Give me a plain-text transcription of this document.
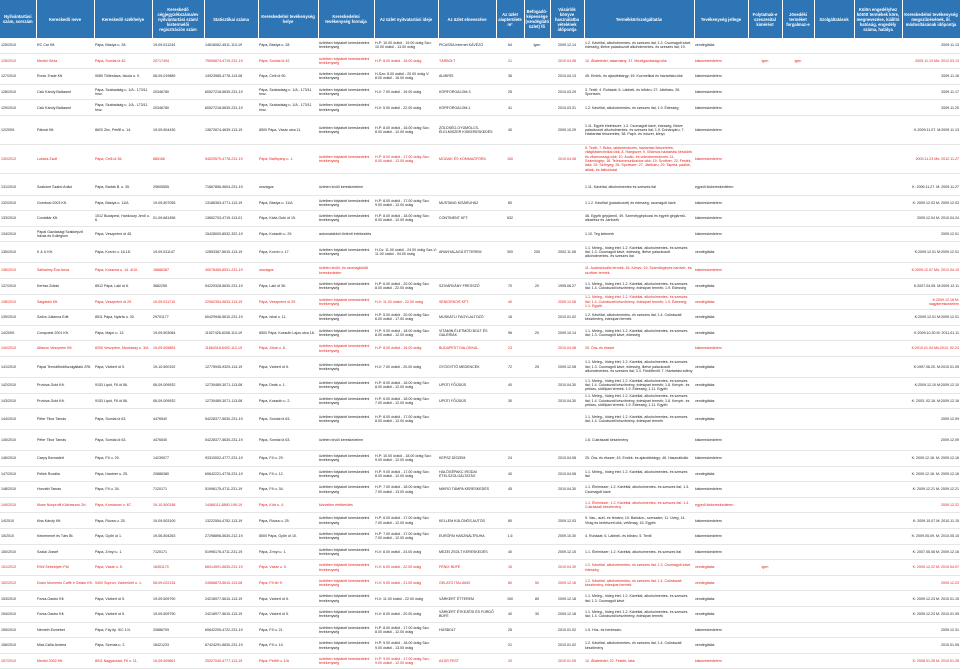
Nyilvántartási szám, sorszám	Kereskedő neve	Kereskedő székhelye	Kereskedő cégjegyzékszáma/ev nyilvántartási szám/ kistermelői regisztrációs szám	Statisztikai száma	Kereskedelmi tevékenység helye	Kereskedelmi tevékenység formája	Az üzlet nyitvatartási ideje	Az üzlet elnevezése	Az üzlet alapterülete m²	Befogadó-képessége (vendéglátó üzlet) fő	Vásárlók könyve használatba vételének időpontja	Termékkör/szolgáltatás	Tevékenység jellege	Folytatnak-e szeszesital kimérést	Jövedéki terméket forgalmaz-e	Szolgáltatások	Külön engedélyhez kötött termékek köre, megnevezése, kiállító hatóság, engedély száma, hatálya	Kereskedelmi tevékenység megszűnésének, ill. módosításának időpontja
125/2010	RC Car Kft.	Pápa, Bástya u. 28.	19-09-511244	14616062-4511-113-19	Pápa, Bástya u. 28.	üzletben folytatott kereskedelmi tevékenység	H-P: 10.00 órától - 19.00 óráig Szo: 10.00 órától - 13.00 óráig	PICASSA Internet KÁVÉZÓ	64	igen	2009.12.14	1.2. Kávéital, alkoholmentes- és szeszes ital; 1.3. Csomagolt kávé, édesség, illetve palackozott alkoholmentes- és szeszes ital; 19.	vendéglátás					2009.11.13
126/2010	Mentsi Géza	Pápa, Somlai út 42.	20717494	75506874-4719-231-19	Pápa, Somlai út 42.	üzletben folytatott kereskedelmi tevékenység	H-P: 8.00 órától - 16.00 óráig	TÁRBOLT	21		2010.04.08	12. Állateledel, takarmány; 37. Mezőgazdasági cikk	kiskereskedelem	igen	igen			2009.11.13 Mó: 2012.03.13
127/2010	Ronix-Trade Kft.	9080 Töltéstava, Iskola u. 9.	08-09-019889	14923985-4778-113-08	Pápa, Celli út 90.	üzletben folytatott kereskedelmi tevékenység	H-Szo: 8.00 órától - 20.00 óráig V: 8.00 órától - 16.00 óráig	ALMIRÍS	36		2010.04.13	45. Emlék- és ajándéktárgy; 45. Kozmetikai és háztartási cikk	kiskereskedelem					2009.11.16
128/2010	Csík Károly Balázsné	Pápa, Szabadság u. 1/A - 173/11 hrsz.	20346780	60527218-5630-231-19	Pápa, Szabadság u. 1/A - 173/11 hrsz.	üzletben folytatott kereskedelmi tevékenység	H-V: 7.00 órától - 19.00 óráig	KÖRFORGALOM-3	25		2010.03.29	3. Textil; 4. Ruházat; 6. Lábbeli- és bőráru; 27. Játékáru; 26. Sportszer,	kiskereskedelem					2009.11.17
129/2010	Csík Károly Balázsné	Pápa, Szabadság u. 1/A - 173/11 hrsz.	20346780	60527218-5630-231-19	Pápa, Szabadság u. 1/A - 173/11 hrsz.	üzletben folytatott kereskedelmi tevékenység	H-V: 5.00 órától - 22.00 óráig	KÖRFORGALOM-1	41		2010.03.31	1.2. Kávéital, alkoholmentes- és szeszes ital; 1.9. Édesség	kiskereskedelem					2009.11.20
12/2009.	Pálmai Kft.	8620 Zirc, Petőfi u. 14.	19-09-504430	13672874-4639-113-19	8500 Pápa, Vásár utca 11.	üzletben folytatott kereskedelmi tevékenység	H-P: 8.00 órától - 16.00 óráig Szo: 8.00 órától - 12.00 óráig	ZÖLDSÉG-GYÜMÖLCS-ÉLELMISZER KISKERESKEDÉS	40		2009.10.29	1.11. Egyéb élelmiszer; 1.3. Csomagolt kávé, édesség, illetve palackozott alkoholmentes- és szeszes ital; 1.9. Dohányáru; 7. Háztartási felszerelés; 38. Papír- és írószer, könyv	kiskereskedelem					K:2009.11.07. M:2009.11.13
130/2010	Lukács Zsolt	Pápa, Celli út 35.	885166	54529579-4778-231-19	Pápa, Batthyány u. 1.	üzletben folytatott kereskedelmi tevékenység	H-P: 8.00 órától - 17.00 óráig Szo: 8.00 órától - 12.00 óráig	MOZAIK ÉS KOMMAGFÖRD	150		2010.04.08	5. Textil; 7. Bútor, lakberendezés, háztartási felszerelés; világítástechnikai cikk; 8. Hangszer; 9. Villamos háztartási készülék és villamossági cikk; 10. Audió- és videoberendezés; 11. Számítógép; 16. Telekommunikációs cikk; 19. Szoftver; 22. Festék, lakk; 25. Szőnyeg; 26. Sportszer; 27. Játékáru; 29. Tapéta, padlók, ablak- és falburkolat	kiskereskedelem					2009.11.23 Mó: 2012.11.27

131/2010	Szabóné Szabó Anikó	Pápa, Barták B. u. 30.	29605555	71667856-9604-231-19	országos	üzleten kívüli kereskedelem						1.11. Kávéital, alkoholmentes és szeszes ital	egyedi kiskereskedelem					K: 2009.11.27. M: 2009.11.27
132/2010	Gombosi 2003 Kft.	Pápa, Bástya u. 11/A	19-09-507055	13186363-4771-113-19	Pápa, Bástya u. 11/A	üzletben folytatott kereskedelmi tevékenység	H-P: 8.00 órától - 17.00 óráig Szo: 9.00 órától - 12.00 óráig	MUSTANG KISÁRUHÁZ	80			1.1.2. Kávéital (palackozott) és édesség, csomagolt kávé	kiskereskedelem					K: 2009.12.03 M: 2009.12.03
133/2010	Combitár Kft.	1012 Budapest, Hankóczy Jenő u. 6.	01-09-681456	13652703-4719-113-01	Pápa, Kálvi-Gubi út 15.	üzletben folytatott kereskedelmi tevékenység	H-P: 8.00 órától - 18.00 óráig Szo: 8.00 órától - 12.00 óráig	CONTINENT KFT.	632			48. Egyéb gépjármű, 49. Személygépkocsi és egyéb gépjármű-alkatrész és -tartozék	kiskereskedelem					2009.12.04 M: 2010.04.24
134/2010	Pápai Gazdasági Szakképző Iskola és Kollégium	Pápa, Veszprémi út 45.		15428000-8532-322-19	Pápa, Kossuth u. 29.	automatákból történő értékesítés						1.10. Teg kelemek	kiskereskedelem					2009.12.01
135/2010	K & U Kft.	Pápa, Korvin u. 16-18.	19-09-511147	12853367-5610-113-19	Pápa, Korvin u. 17.	üzletben folytatott kereskedelmi tevékenység	H-Cs: 11.00 órától - 24.00 óráig Szo-V: 11.00 órától - 04.00 óráig	ARANYALAGÚ ÉTTEREM	300	200	2002.11.08	1.1. Meleg-, hideg étel; 1.2. Kávéital, alkoholmentes- és szeszes ital; 1.3. Csomagolt kávé, édesség, illetve palackozott alkoholmentes- és szeszes ital	vendéglátás					K:2009.12.01 M:2009.12.01
136/2010	Sallóalmy Éva Anna	Pápa, Kossova u. 14. 4/10.	18886387	40078469-8531-231-19	országos	üzleten kívüli- és csomagküldő kereskedelem						11. Audiovizuális termék; 16. Könyv; 19. Számítógépes hardver- és szoftver termék	kiskereskedelem					K:2009.12.07 Mó: 2012.04.10
137/2010	Kerbsz Zoltán	8512 Pápa, Laki út 6.	3682255	54229328-5630-231-19	Pápa, Laki út 36.	üzletben folytatott kereskedelmi tevékenység	H-P: 6.00 órától - 20.00 óráig Szo: 8.00 órától - 22.00 óráig	SZIVÁRVÁNY FRESSZÓ	70	20	1995.06.27	1.1. Meleg-, hideg étel; 1.2. Kávéital, alkoholmentes- és szeszes ital; 1.4. Cukrászati készítmény, édesipari termék; 1.9. Édesség	vendéglátás					K:2007.04.05. M:2009.12.11
138/2010	Salgaldói Kft.	Pápa, Veszprémi út 29.	19-09-511710	22062354-9633-113-19	Pápa, Veszprémi út 29.	üzletben folytatott kereskedelmi tevékenység	H-V: 11.00 órától - 22.00 óráig	SENIORKOR KFT.	40		2009.12.08	1.1. Meleg-, hideg étel; 1.2. Kávéital, alkoholmentes- és szeszes ital; 1.4. Cukrászati készítmény, édesipari termék; 1.9. Édesség; 1.1. Egyéb	vendéglátás					K:2009.12.16 M: nagykereskedelem
139/2010	Szűcs Julianna Edit	8511 Pápa, Nyárfa u. 30.	29701177	60429946-5610-231-19	Pápa, Iskai u. 11.	üzletben folytatott kereskedelmi tevékenység	H-P: 5.00 órától - 20.00 óráig Szo: 6.00 órától - 17.00 óráig	MUSKÁTLI FAGYLALTOZÓ	16		2010.01.02	1.2. Kávéital, alkoholmentes- és szeszes ital; 1.4. Cukrászati készítmény, édesipari termék	vendéglátás					K:2009.12.01 M:2009.12.01
14/2009.	Compuest 2001 Kft.	Pápa, Major u. 13.	19-09-503084	11527426-6208-113-19	8500 Pápa, Kossuth Lajos utca 18.	üzletben folytatott kereskedelmi tevékenység	H-P: 9.00 órától - 18.00 óráig Szo: 8.00 órától - 12.00 óráig	VITAMIN ÉLETMÓD BOLT ÉS GALÉRIÁK	96	20	2009.10.14	1.1. Meleg-, hideg étel; 1.2. Kávéital, alkoholmentes- és szeszes ital; 1.3. Csomagolt kávé, édesség	vendéglátás					K:2009.10.30 M: 2011.01.11
140/2010	Alfanon Veszprém Kft.	8200 Veszprém, Munkácsy u. 3/A	19-09-505853	11684318-6492-113-19	Pápa, Jókai u. 8.	üzletben folytatott kereskedelmi tevékenység	H-P: 8.00 órától - 16.00 óráig	BUDAPEST DALOKKAL	23		2010.04.08	25. Óra- és ékszer	kiskereskedelem					K:2010.01.04 Mó:2012. 02.24
141/2010	Pápai Termálfürdőszolgáltató ZRt.	Pápa, Várkert út 5.	19-10-500192	12775945-9329-114-19	Pápa, Várkert út 5.	üzletben folytatott kereskedelmi tevékenység	H-V: 7.00 órától - 20.00 óráig	GYÓGYÍTÓ MEDENCÉK	72	25	2009.12.08	1.1. Meleg-, hideg étel; 1.2. Kávéital, alkoholmentes- és szeszes ital; 1.3. Csomagolt kávé, édesség, illetve palackozott alkoholmentes- és szeszes ital; 3.4. Fürdőtextil; 7. Háztartási edény	vendéglátás					K:1997.06.20. M:2010.01.05
142/2010	Protova-Gold Kft.	9153 Lipót, Fő út 56.	08-09-009932	12730489-3071-113-08	Pápa, Deák u. 1.	üzletben folytatott kereskedelmi tevékenység	H-P: 8.00 órától - 16.00 óráig Szo: 8.00 órától - 12.00 óráig	UPOTI FŐÚDÚS	40		2010.04.30	1.1. Meleg-, hideg étel; 1.2. Kávéital, alkoholmentes- és szeszes ital; 1.4. Cukrászati készítmény, édesipari termék; 1.8. Kenyér- és pékáru, sütőipari termék; 1.9. Édesség; 1.11. Egyéb	vendéglátás					K:2009.12.10 M:2009.12.10
143/2010	Protova-Gold Kft.	9153 Lipót, Fő út 56.	08-09-009932	12730489-3071-113-08	Pápa, Kossuth u. 2.	üzletben folytatott kereskedelmi tevékenység	H-P: 6.00 órától - 18.00 óráig Szo: 7.00 órától - 12.00 óráig	UPOTI FŐÚDÚS	30		2010.04.30	1.1. Meleg-, hideg étel; 1.2. Kávéital, alkoholmentes- és szeszes ital; 1.4. Cukrászati készítmény, édesipari termék; 1.8. Kenyér- és pékáru, sütőipari termék; 1.9. Édesség; 1.11. Egyéb	vendéglátás					K: 2003. 02.16. M:2009.12.16
144/2010	Péter Tibor Tamás	Pápa, Somlai út 63.	4476540	54228377-5630-231-19	Pápa, Somlai út 63.	üzletben folytatott kereskedelmi tevékenység	H-P: 8.00 órától - 17.00 óráig Szo: 8.00 órától - 12.00 óráig					1.1. Meleg-, hideg étel; 1.2. Kávéital, alkoholmentes- és szeszes ital; 1.4. Cukrászati készítmény, édesipari termék	vendéglátás					2009.12.09
145/2010	Péter Tibor Tamás	Pápa, Somlai út 63.	4476540	54228377-5630-231-19	Pápa, Somlai út 63.	üzleten kívüli kereskedelem						1.6. Cukrászati készítmény	kiskereskedelem					2009.12.09
146/2010	Csepy Bernadett	Pápa, Fő u. 29.	14239077	93310002-4777-231-19	Pápa, Fő u. 29.	üzletben folytatott kereskedelmi tevékenység	H-P: 10.00 órától - 18.00 óráig Szo: 9.00 órától - 12.00 óráig	KEPSZ DÍSZEM	24		2010.04.08	25. Óra- és ékszer; 43. Emlék- és ajándéktárgy; 46. Használtcikk	kiskereskedelem					K: 2009.12.16. M: 2009.12.16
147/2010	Pellek Rozália	Pápa, Hantner u. 25.	20886380	60642221-4778-231-19	Pápa, Fő u. 12.	üzletben folytatott kereskedelmi tevékenység	H-P: 9.00 órától - 17.00 óráig Szo: 8.00 órától - 12.00 óráig	HALÓGÉPAKC IRODAI ÉTELSZOLGÁLTATÁS	40		2010.04.08	1.1. Meleg-, hideg étel; 1.2. Kávéital, alkoholmentes- és szeszes ital	vendéglátás					K: 2009.12.16. M: 2009.12.16
148/2010	Horváth Tamás	Pápa, Fő u. 34.	7120171	51996175-4711-231-19	Pápa, Fő u. 34.	üzletben folytatott kereskedelmi tevékenység	H-P: 7.00 órától - 18.00 óráig Szo: 7.00 órától - 13.00 óráig	MIKRO TÁMPA KERESKEDÉS	45		2010.04.30	1.1. Élelmiszer; 1.2. Kávéital, alkoholmentes- és szeszes ital; 1.3. Csomagolt kávé	kiskereskedelem					K: 2009.12.21 M: 2009.12.21
149/2010	Mose Nonprofit Közhasznú Zrt.	Pápa, Komáromi u. 67.	19-10-500158	14466111-8890-199-19	Pápa, Kürt u. 4.	közvetlen értékesítés						1.1. Élelmiszer; 1.2. Kávéital, alkoholmentes- és szeszes ital; 1.4. Cukrászati készítmény	egyedi kiskereskedelem					2009.12.22
14/2010	Kiss Károly Kft.	Pápa, Rózsa u. 25.	19-09-503100	13222554-4752-113-19	Pápa, Rózsa u. 25.	üzletben folytatott kereskedelmi tevékenység	H-P: 6.00 órától - 17.00 óráig Szo: 7.00 órától - 12.00 óráig	KELLEM KÜLÖNÖS AUTÓS	80		2009.12.03	9. Vas-, acél- és fémáru; 10. Barkács-, szerszám; 11. Üveg; 14. Virág és kertészeti cikk, vetőmag; 15. Egyéb	kiskereskedelem					K: 2009.10.07 M: 2010.11.15
15/2010	Kekemenet és Társ Bt.	Pápa, Győri út 1.	19-06-504263	27298896-5630-212-19	8500 Pápa, Győri út 10.	üzletben folytatott kereskedelmi tevékenység	H-P: 7.00 órától - 17.00 óráig Szo: 7.00 órától - 12.00 óráig	EURÓPAI HASZNÁLTRUHA	1.6		2009.10.30	4. Ruházat; 6. Lábbeli- és bőráru; 5. Textil	kiskereskedelem					K: 2009.05.09. M: 2010.05.15
150/2010	Szalai József	Pápa, Zrínyi u. 1.	7120171	51996176-4711-231-19	Pápa, Zrínyi u. 1.	üzletben folytatott kereskedelmi tevékenység	H-V: 8.00 órától - 24.00 óráig	MEZEI ZSOLT KERESKEDÉS	40		2009.12.15	1.1. Élelmiszer; 1.2. Kávéital, alkoholmentes- és szeszes ital	kiskereskedelem					K: 2007.05.08 M: 2009.12.16
151/2010	Röhl Sebestyén Pál	Pápa, Vásár u. 5.	18451170	68414591-5630-231-19	Pápa, Vásár u. 5.	üzletben folytatott kereskedelmi tevékenység	H-V: 6.00 órától - 22.00 óráig	FÉNIX BÜFÉ	16		2010.04.30	1.2. Kávéital, alkoholmentes- és szeszes ital; 1.3. Csomagolt kávé, édesség	vendéglátás	igen				K: 2009.12.22 M: 2010.04.07
152/2010	Dolce Momento Caffè è Gelato Kft.	9400 Sopron, Várkerület u. 1.	08-09-022134	24568873-5610-113-08	Pápa, Fő tér 9.	üzletben folytatott kereskedelmi tevékenység	H-V: 9.00 órától - 21.00 óráig	GELATO ITALIANO	80	50	2009.12.16	1.2. Kávéital, alkoholmentes- és szeszes ital; 1.4. Cukrászati készítmény, édesipari termék	vendéglátás					2009.12.23
153/2010	Forsa-Gastro Kft.	Pápa, Várkert út 5.	19-09-509790	24218977-5610-113-19	Pápa, Várkert út 5.	üzletben folytatott kereskedelmi tevékenység	H-V: 11.00 órától - 22.00 óráig	VÁRKERT ÉTTEREM	150	80	2009.12.18	1.1. Meleg-, hideg étel; 1.2. Kávéital, alkoholmentes- és szeszes ital; 1.3. Csomagolt kávé	vendéglátás					K: 2009.12.23 M: 2010.01.15
154/2010	Forsa-Gastro Kft.	Pápa, Várkert út 5.	19-09-509790	24218977-5610-113-19	Pápa, Várkert út 5.	üzletben folytatott kereskedelmi tevékenység	H-V: 8.00 órától - 20.00 óráig	VÁRKERT ÉTKEZÉSI ÉS FÜRDŐ BÜFÉ	40	30	2009.12.18	1.1. Meleg-, hideg étel; 1.2. Kávéital, alkoholmentes- és szeszes ital; 1.4. Cukrászati készítmény, édesipari termék	vendéglátás					K: 2009.12.23 M: 2010.01.05
155/2010	Németh Erzsébet	Pápa, Fáy ltp. 5/C 1/4.	20886709	60642205-4722-231-19	Pápa, Fő u. 21.	üzletben folytatott kereskedelmi tevékenység	H-P: 8.00 órától - 17.00 óráig Szo: 8.00 órától - 12.00 óráig	HÚSBOLT	25		2010.01.02	1.5. Hús- és hentesáru	kiskereskedelem					2009.12.31
156/2010	Miat-Csilla Andrea	Pápa, Szenas u. 2.	18421233	67424291-5630-231-19	Pápa, Fő u. 14.	üzletben folytatott kereskedelmi tevékenység	H-P: 9.00 órától - 18.00 óráig Szo: 9.00 órától - 13.00 óráig		21		2010.01.02	1.2. Kávéital, alkoholmentes- és szeszes ital; 1.4. Cukrászati készítmény	vendéglátás					2010.01.05
157/2010	Mentsi 2002 Kft.	8511 Nagyacsád, Fő u. 11.	19-09-509861	25327040-4777-113-19	Pápa, Petőfi u. 1/A	üzletben folytatott kereskedelmi tevékenység	H-P: 9.00 órától - 17.00 óráig Szo: 9.00 órától - 12.00 óráig	AZÚR FEST	20		2010.01.05	12. Állateledel; 22. Festék, lakk	kiskereskedelem					K: 2008.01.26 M: 2010.01.26
